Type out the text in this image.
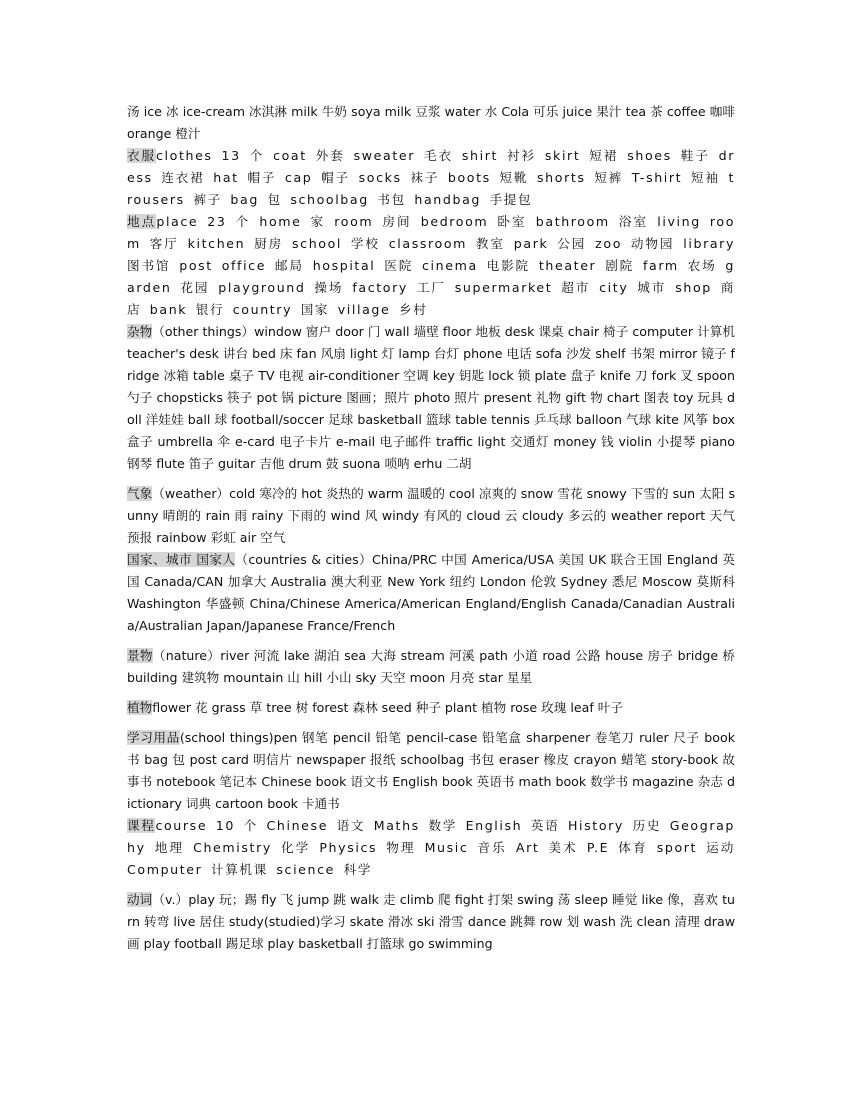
汤 ice 冰 ice-cream 冰淇淋 milk 牛奶 soya milk 豆浆 water 水 Cola 可乐 juice 果汁 tea 茶 coffee 咖啡 orange 橙汁

衣服clothes 13 个 coat 外套 sweater 毛衣 shirt 衬衫 skirt 短裙 shoes 鞋子 dress 连衣裙 hat 帽子 cap 帽子 socks 袜子 boots 短靴 shorts 短裤 T-shirt 短袖 trousers 裤子 bag 包 schoolbag 书包 handbag 手提包

地点place 23 个 home 家 room 房间 bedroom 卧室 bathroom 浴室 living room 客厅 kitchen 厨房 school 学校 classroom 教室 park 公园 zoo 动物园 library 图书馆 post office 邮局 hospital 医院 cinema 电影院 theater 剧院 farm 农场 garden 花园 playground 操场 factory 工厂 supermarket 超市 city 城市 shop 商店 bank 银行 country 国家 village 乡村

杂物（other things）window 窗户 door 门 wall 墙壁 floor 地板 desk 课桌 chair 椅子 computer 计算机 teacher's desk 讲台 bed 床 fan 风扇 light 灯 lamp 台灯 phone 电话 sofa 沙发 shelf 书架 mirror 镜子 fridge 冰箱 table 桌子 TV 电视 air-conditioner 空调 key 钥匙 lock 锁 plate 盘子 knife 刀 fork 叉 spoon 勺子 chopsticks 筷子 pot 锅 picture 图画；照片 photo 照片 present 礼物 gift 物 chart 图表 toy 玩具 doll 洋娃娃 ball 球 football/soccer 足球 basketball 篮球 table tennis 乒乓球 balloon 气球 kite 风筝 box 盒子 umbrella 伞 e-card 电子卡片 e-mail 电子邮件 traffic light 交通灯 money 钱 violin 小提琴 piano 钢琴 flute 笛子 guitar 吉他 drum 鼓 suona 唢呐 erhu 二胡

气象（weather）cold 寒冷的 hot 炎热的 warm 温暖的 cool 凉爽的 snow 雪花 snowy 下雪的 sun 太阳 sunny 晴朗的 rain 雨 rainy 下雨的 wind 风 windy 有风的 cloud 云 cloudy 多云的 weather report 天气预报 rainbow 彩虹 air 空气

国家、城市 国家人（countries & cities）China/PRC 中国 America/USA 美国 UK 联合王国 England 英国 Canada/CAN 加拿大 Australia 澳大利亚 New York 纽约 London 伦敦 Sydney 悉尼 Moscow 莫斯科 Washington 华盛顿 China/Chinese America/American England/English Canada/Canadian Australia/Australian Japan/Japanese France/French

景物（nature）river 河流 lake 湖泊 sea 大海 stream 河溪 path 小道 road 公路 house 房子 bridge 桥 building 建筑物 mountain 山 hill 小山 sky 天空 moon 月亮 star 星星

植物flower 花 grass 草 tree 树 forest 森林 seed 种子 plant 植物 rose 玫瑰 leaf 叶子

学习用品(school things)pen 钢笔 pencil 铅笔 pencil-case 铅笔盒 sharpener 卷笔刀 ruler 尺子 book 书 bag 包 post card 明信片 newspaper 报纸 schoolbag 书包 eraser 橡皮 crayon 蜡笔 story-book 故事书 notebook 笔记本 Chinese book 语文书 English book 英语书 math book 数学书 magazine 杂志 dictionary 词典 cartoon book 卡通书

课程course 10 个 Chinese 语文 Maths 数学 English 英语 History 历史 Geography 地理 Chemistry 化学 Physics 物理 Music 音乐 Art 美术 P.E 体育 sport 运动 Computer 计算机课 science 科学

动词（v.）play 玩；踢 fly 飞 jump 跳 walk 走 climb 爬 fight 打架 swing 荡 sleep 睡觉 like 像，喜欢 turn 转弯 live 居住 study(studied)学习 skate 滑冰 ski 滑雪 dance 跳舞 row 划 wash 洗 clean 清理 draw 画 play football 踢足球 play basketball 打篮球 go swimming
